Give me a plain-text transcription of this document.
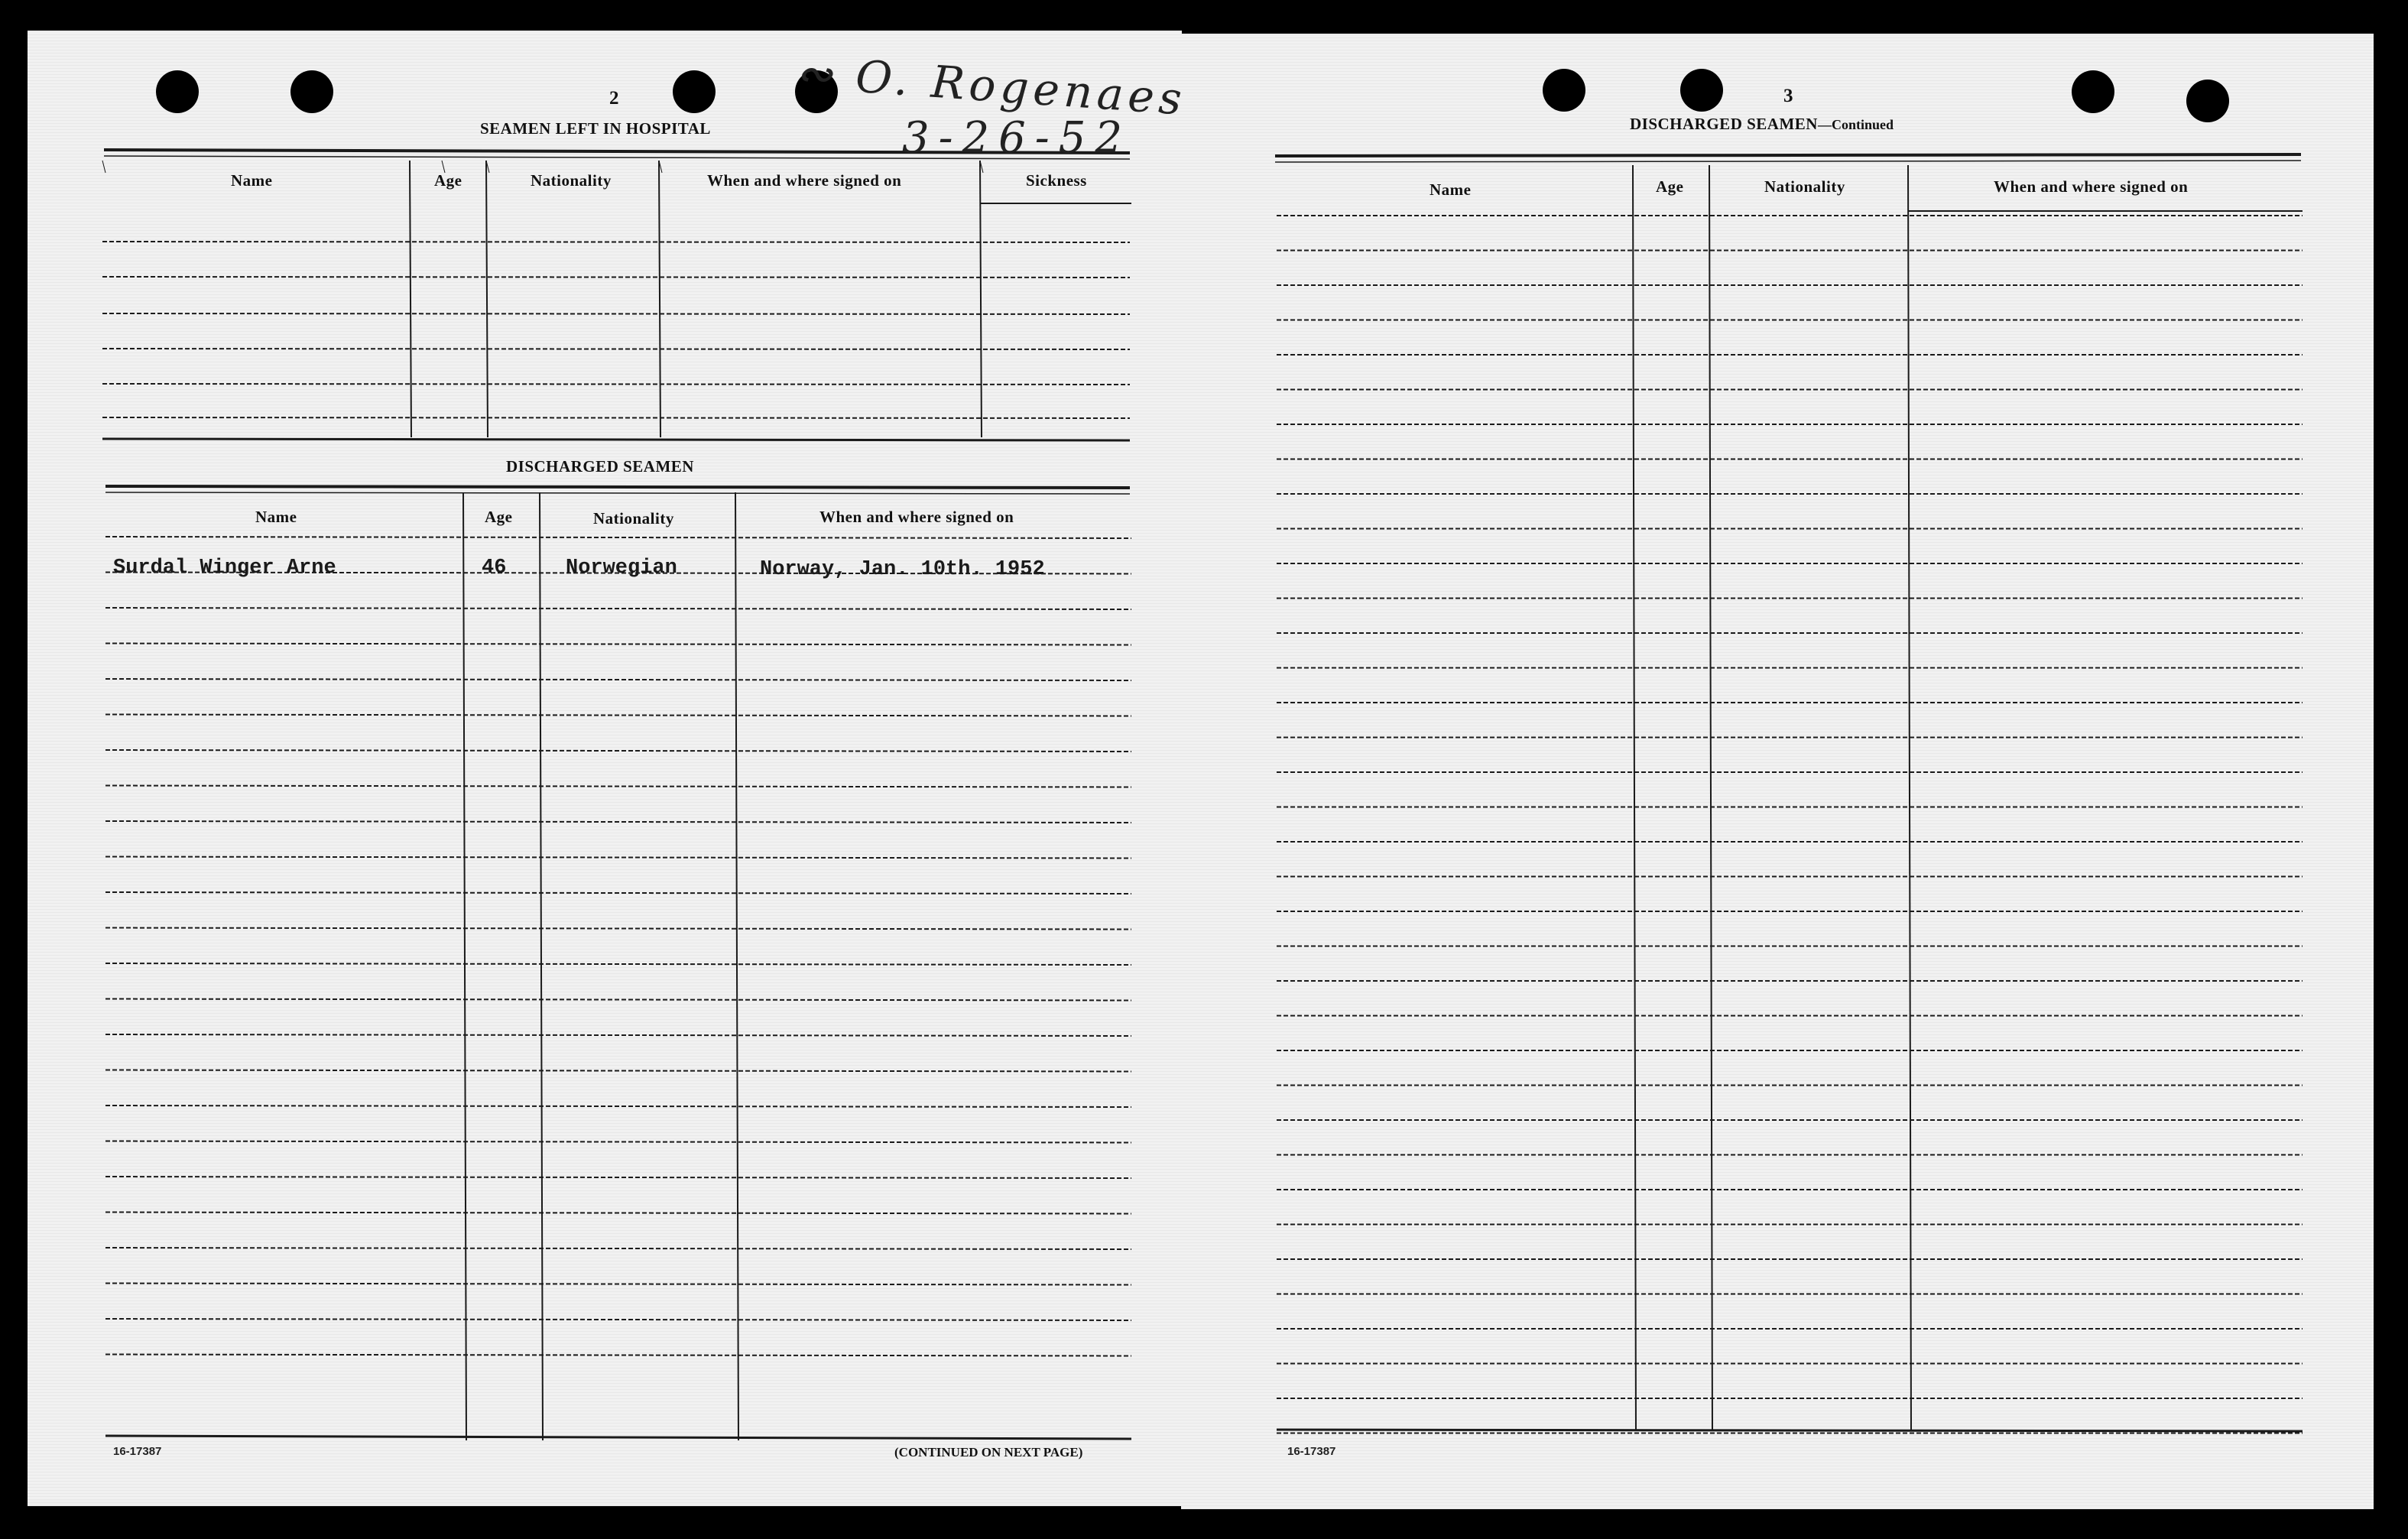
∾ O. Rogenaes
3-26-52
2
SEAMEN LEFT IN HOSPITAL
Name	Age	Nationality	When and where signed on	Sickness
DISCHARGED SEAMEN
Name	Age	Nationality	When and where signed on
Surdal Winger Arne	46	Norwegian	Norway, Jan. 10th. 1952
16-17387	(CONTINUED ON NEXT PAGE)
3
DISCHARGED SEAMEN—Continued
Name	Age	Nationality	When and where signed on
16-17387
